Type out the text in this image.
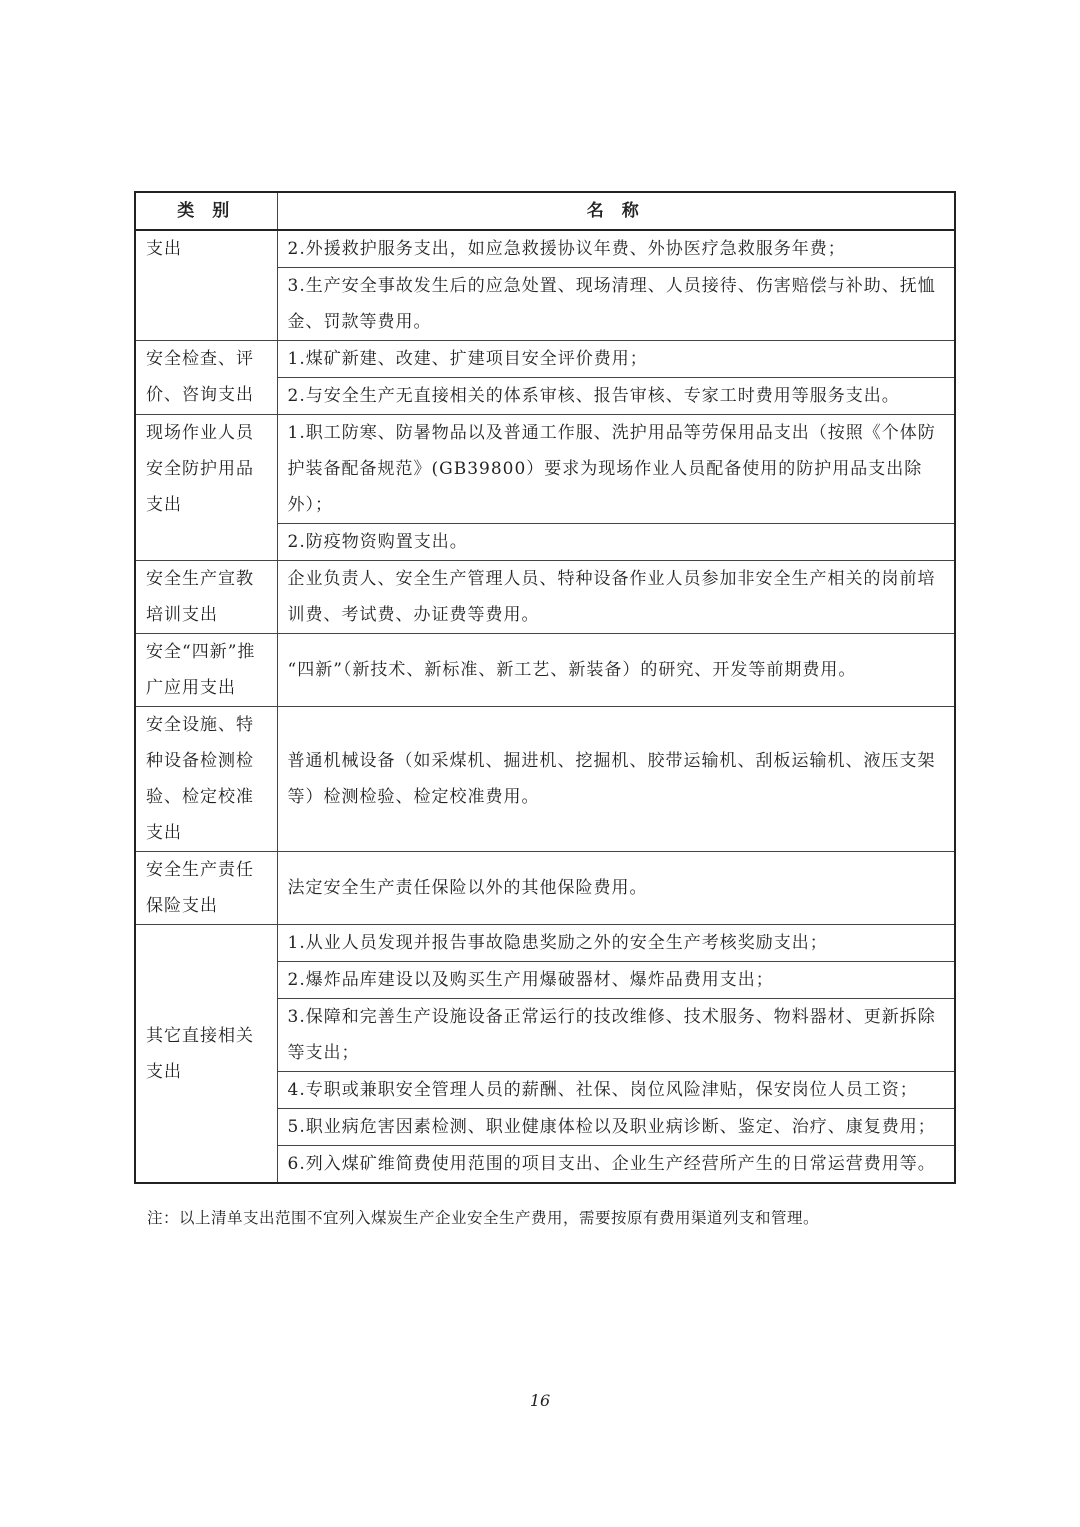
类 别	名 称
支出	2.外援救护服务支出，如应急救援协议年费、外协医疗急救服务年费；
	3.生产安全事故发生后的应急处置、现场清理、人员接待、伤害赔偿与补助、抚恤金、罚款等费用。
安全检查、评价、咨询支出	1.煤矿新建、改建、扩建项目安全评价费用；
	2.与安全生产无直接相关的体系审核、报告审核、专家工时费用等服务支出。
现场作业人员安全防护用品支出	1.职工防寒、防暑物品以及普通工作服、洗护用品等劳保用品支出（按照《个体防护装备配备规范》(GB39800）要求为现场作业人员配备使用的防护用品支出除外）；
	2.防疫物资购置支出。
安全生产宣教培训支出	企业负责人、安全生产管理人员、特种设备作业人员参加非安全生产相关的岗前培训费、考试费、办证费等费用。
安全“四新”推广应用支出	“四新”（新技术、新标准、新工艺、新装备）的研究、开发等前期费用。
安全设施、特种设备检测检验、检定校准支出	普通机械设备（如采煤机、掘进机、挖掘机、胶带运输机、刮板运输机、液压支架等）检测检验、检定校准费用。
安全生产责任保险支出	法定安全生产责任保险以外的其他保险费用。
其它直接相关支出	1.从业人员发现并报告事故隐患奖励之外的安全生产考核奖励支出；
	2.爆炸品库建设以及购买生产用爆破器材、爆炸品费用支出；
	3.保障和完善生产设施设备正常运行的技改维修、技术服务、物料器材、更新拆除等支出；
	4.专职或兼职安全管理人员的薪酬、社保、岗位风险津贴，保安岗位人员工资；
	5.职业病危害因素检测、职业健康体检以及职业病诊断、鉴定、治疗、康复费用；
	6.列入煤矿维简费使用范围的项目支出、企业生产经营所产生的日常运营费用等。
注：以上清单支出范围不宜列入煤炭生产企业安全生产费用，需要按原有费用渠道列支和管理。
16
